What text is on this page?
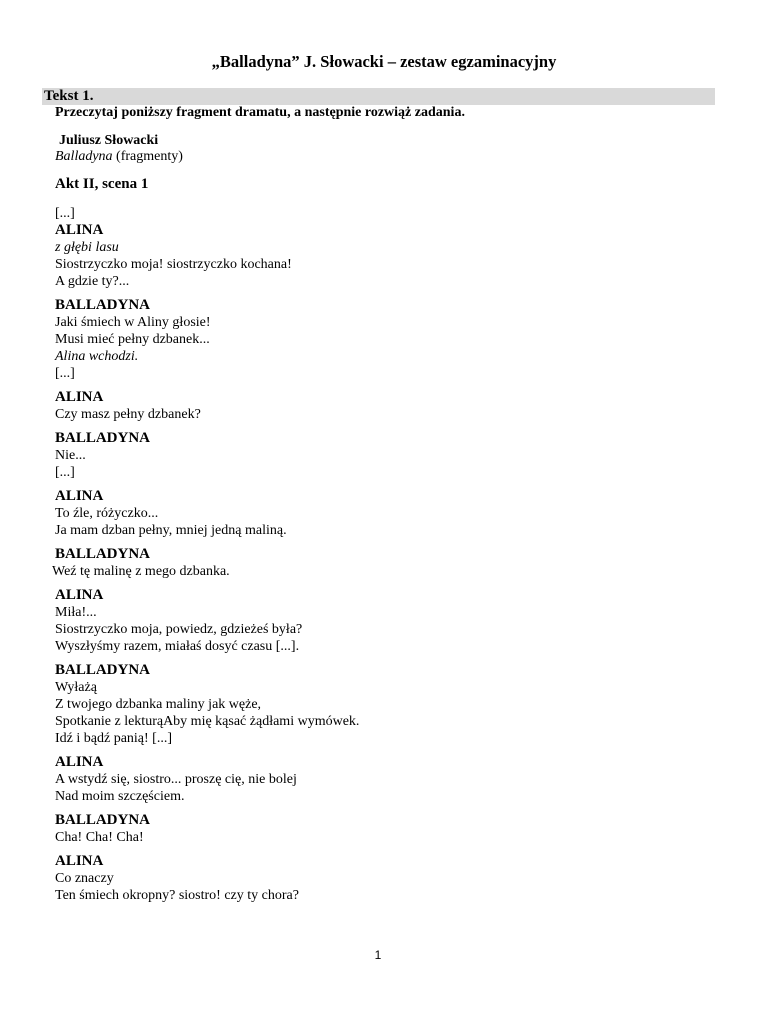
„Balladyna” J. Słowacki – zestaw egzaminacyjny
Tekst 1.
Przeczytaj poniższy fragment dramatu, a następnie rozwiąż zadania.
Juliusz Słowacki
Balladyna (fragmenty)
Akt II, scena 1
[...]
ALINA
z głębi lasu
Siostrzyczko moja! siostrzyczko kochana!
A gdzie ty?...
BALLADYNA
Jaki śmiech w Aliny głosie!
Musi mieć pełny dzbanek...
Alina wchodzi.
[...]
ALINA
Czy masz pełny dzbanek?
BALLADYNA
Nie...
[...]
ALINA
To źle, różyczko...
Ja mam dzban pełny, mniej jedną maliną.
BALLADYNA
Weź tę malinę z mego dzbanka.
ALINA
Miła!...
Siostrzyczko moja, powiedz, gdzieżeś była?
Wyszłyśmy razem, miałaś dosyć czasu [...].
BALLADYNA
Wyłażą
Z twojego dzbanka maliny jak węże,
Spotkanie z lekturąAby mię kąsać żądłami wymówek.
Idź i bądź panią! [...]
ALINA
A wstydź się, siostro... proszę cię, nie bolej
Nad moim szczęściem.
BALLADYNA
Cha! Cha! Cha!
ALINA
Co znaczy
Ten śmiech okropny? siostro! czy ty chora?
1
